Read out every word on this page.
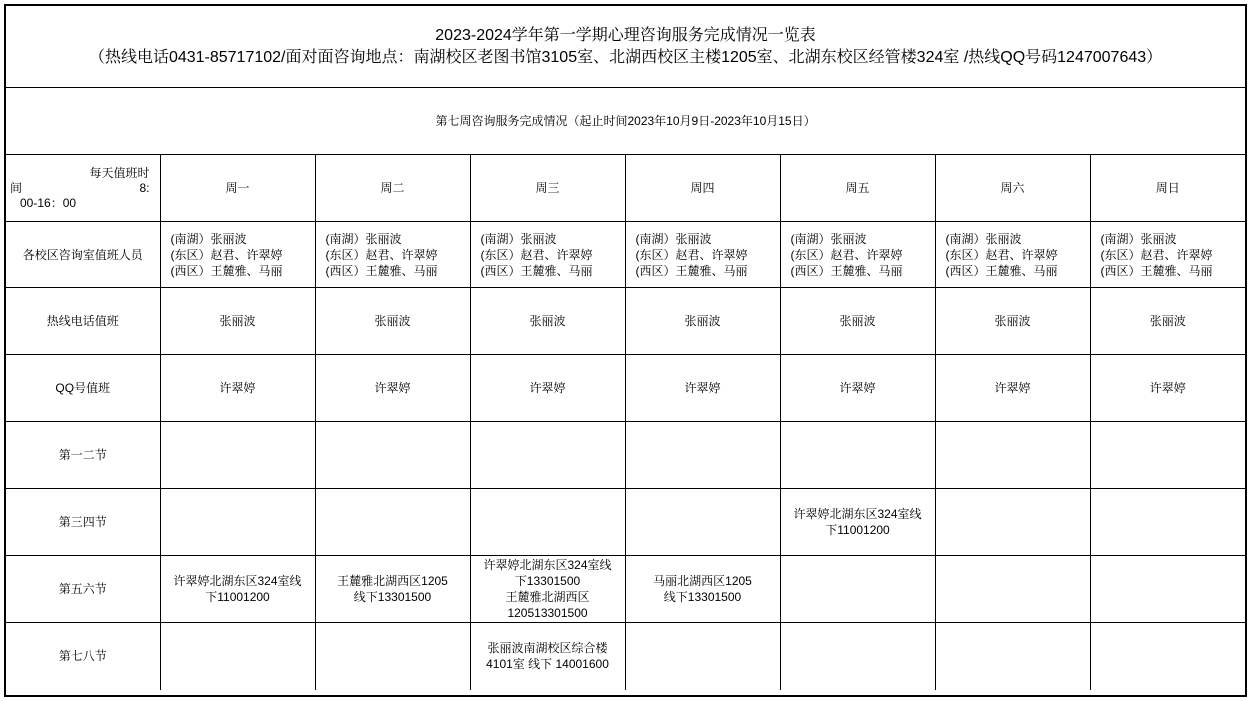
2023-2024学年第一学期心理咨询服务完成情况一览表
（热线电话0431-85717102/面对面咨询地点：南湖校区老图书馆3105室、北湖西校区主楼1205室、北湖东校区经管楼324室 /热线QQ号码1247007643）							

第七周咨询服务完成情况（起止时间2023年10月9日-2023年10月15日）							

每天值班时
间 8:
00-16：00	周一	周二	周三	周四	周五	周六	周日
各校区咨询室值班人员	(南湖）张丽波
(东区）赵君、许翠婷
(西区）王麓雅、马丽	(南湖）张丽波
(东区）赵君、许翠婷
(西区）王麓雅、马丽	(南湖）张丽波
(东区）赵君、许翠婷
(西区）王麓雅、马丽	(南湖）张丽波
(东区）赵君、许翠婷
(西区）王麓雅、马丽	(南湖）张丽波
(东区）赵君、许翠婷
(西区）王麓雅、马丽	(南湖）张丽波
(东区）赵君、许翠婷
(西区）王麓雅、马丽	(南湖）张丽波
(东区）赵君、许翠婷
(西区）王麓雅、马丽

热线电话值班	张丽波	张丽波	张丽波	张丽波	张丽波	张丽波	张丽波
QQ号值班	许翠婷	许翠婷	许翠婷	许翠婷	许翠婷	许翠婷	许翠婷
第一二节							
第三四节					许翠婷北湖东区324室线
下11001200		

第五六节	许翠婷北湖东区324室线
下11001200	王麓雅北湖西区1205
线下13301500	许翠婷北湖东区324室线
下13301500
王麓雅北湖西区
120513301500	马丽北湖西区1205
线下13301500			

第七八节			张丽波南湖校区综合楼
4101室 线下 14001600				
